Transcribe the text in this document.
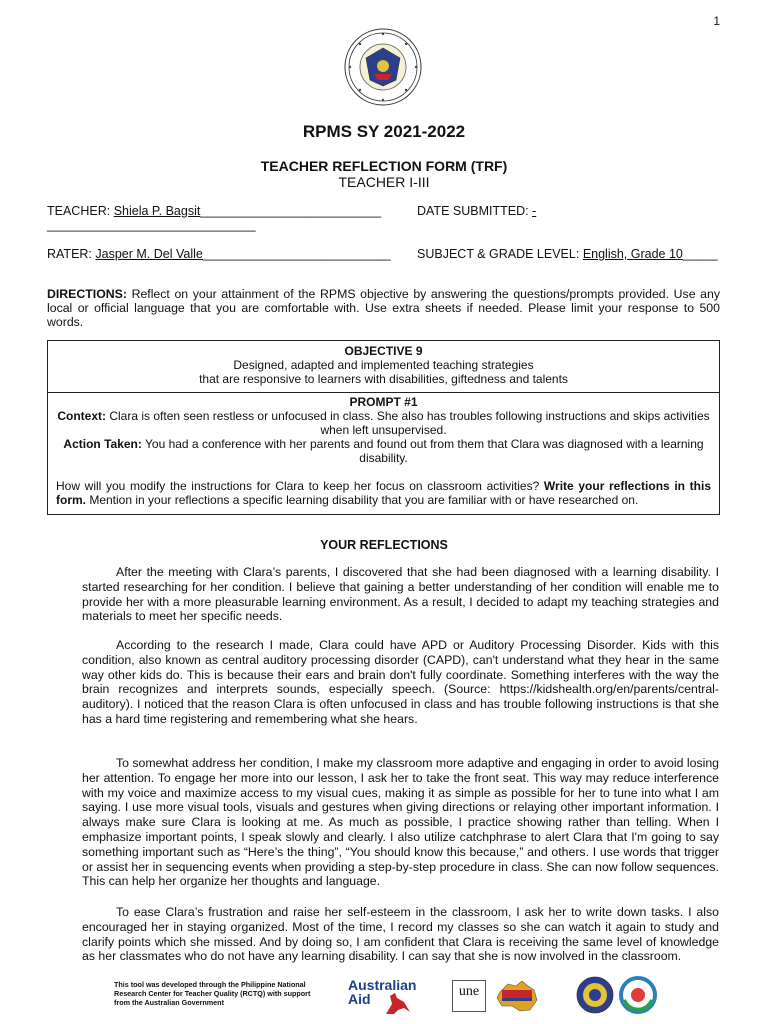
1
RPMS SY 2021-2022
TEACHER REFLECTION FORM (TRF)
TEACHER I-III
TEACHER: Shiela P. Bagsit__________________________	DATE SUBMITTED: -
______________________________
RATER: Jasper M. Del Valle___________________________ SUBJECT & GRADE LEVEL: English, Grade 10_____
DIRECTIONS: Reflect on your attainment of the RPMS objective by answering the questions/prompts provided. Use any local or official language that you are comfortable with. Use extra sheets if needed. Please limit your response to 500 words.
OBJECTIVE 9
Designed, adapted and implemented teaching strategies
that are responsive to learners with disabilities, giftedness and talents
PROMPT #1
Context: Clara is often seen restless or unfocused in class. She also has troubles following instructions and skips activities when left unsupervised.
Action Taken: You had a conference with her parents and found out from them that Clara was diagnosed with a learning disability.
How will you modify the instructions for Clara to keep her focus on classroom activities? Write your reflections in this form. Mention in your reflections a specific learning disability that you are familiar with or have researched on.
YOUR REFLECTIONS
After the meeting with Clara’s parents, I discovered that she had been diagnosed with a learning disability. I started researching for her condition. I believe that gaining a better understanding of her condition will enable me to provide her with a more pleasurable learning environment. As a result, I decided to adapt my teaching strategies and materials to meet her specific needs.
According to the research I made, Clara could have APD or Auditory Processing Disorder. Kids with this condition, also known as central auditory processing disorder (CAPD), can't understand what they hear in the same way other kids do. This is because their ears and brain don't fully coordinate. Something interferes with the way the brain recognizes and interprets sounds, especially speech. (Source: https://kidshealth.org/en/parents/central-auditory). I noticed that the reason Clara is often unfocused in class and has trouble following instructions is that she has a hard time registering and remembering what she hears.
To somewhat address her condition, I make my classroom more adaptive and engaging in order to avoid losing her attention. To engage her more into our lesson, I ask her to take the front seat. This way may reduce interference with my voice and maximize access to my visual cues, making it as simple as possible for her to tune into what I am saying. I use more visual tools, visuals and gestures when giving directions or relaying other important information. I always make sure Clara is looking at me. As much as possible, I practice showing rather than telling. When I emphasize important points, I speak slowly and clearly. I also utilize catchphrase to alert Clara that I'm going to say something important such as “Here’s the thing”, “You should know this because,” and others. I use words that trigger or assist her in sequencing events when providing a step-by-step procedure in class. She can now follow sequences. This can help her organize her thoughts and language.
To ease Clara’s frustration and raise her self-esteem in the classroom, I ask her to write down tasks. I also encouraged her in staying organized. Most of the time, I record my classes so she can watch it again to study and clarify points which she missed. And by doing so, I am confident that Clara is receiving the same level of knowledge as her classmates who do not have any learning disability. I can say that she is now involved in the classroom.
This tool was developed through the Philippine National Research Center for Teacher Quality (RCTQ) with support from the Australian Government
Australian
Aid	une
